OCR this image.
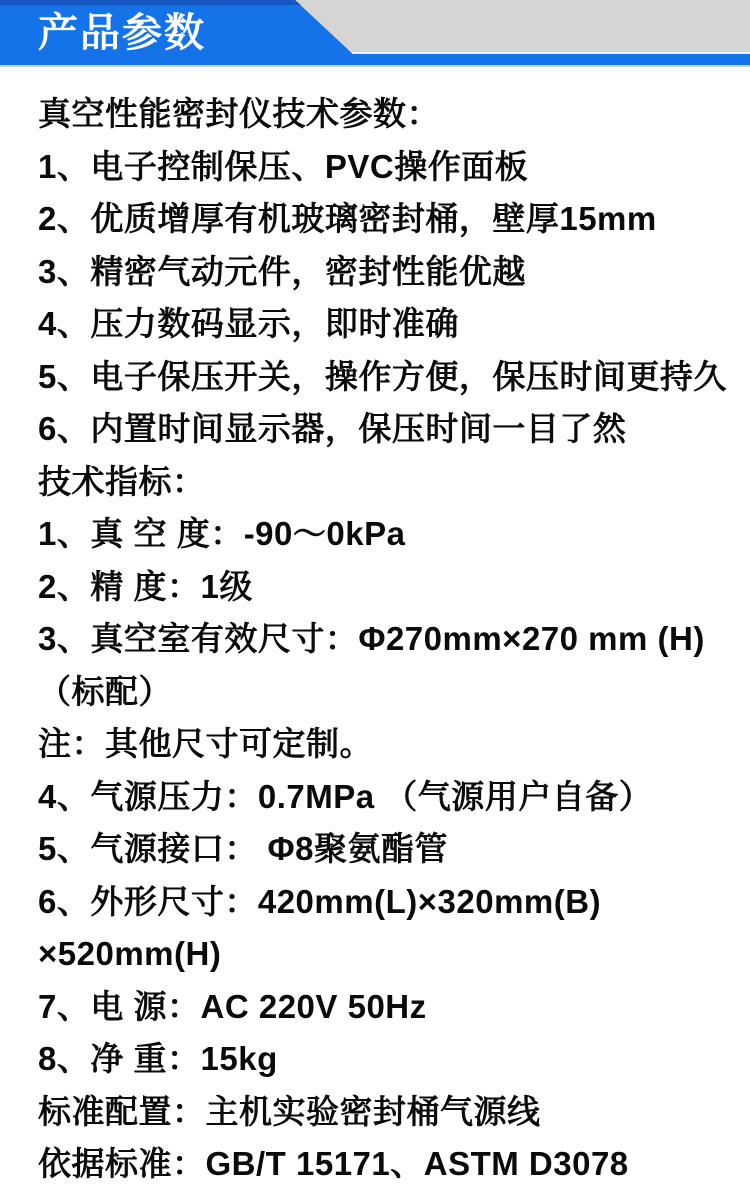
产品参数
真空性能密封仪技术参数：
1、电子控制保压、PVC操作面板
2、优质增厚有机玻璃密封桶，壁厚15mm
3、精密气动元件，密封性能优越
4、压力数码显示，即时准确
5、电子保压开关，操作方便，保压时间更持久
6、内置时间显示器，保压时间一目了然
技术指标：
1、真 空 度：-90～0kPa
2、精 度：1级
3、真空室有效尺寸：Φ270mm×270 mm (H)
（标配）
注：其他尺寸可定制。
4、气源压力：0.7MPa （气源用户自备）
5、气源接口： Φ8聚氨酯管
6、外形尺寸：420mm(L)×320mm(B)
×520mm(H)
7、电 源：AC 220V 50Hz
8、净 重：15kg
标准配置：主机实验密封桶气源线
依据标准：GB/T 15171、ASTM D3078
